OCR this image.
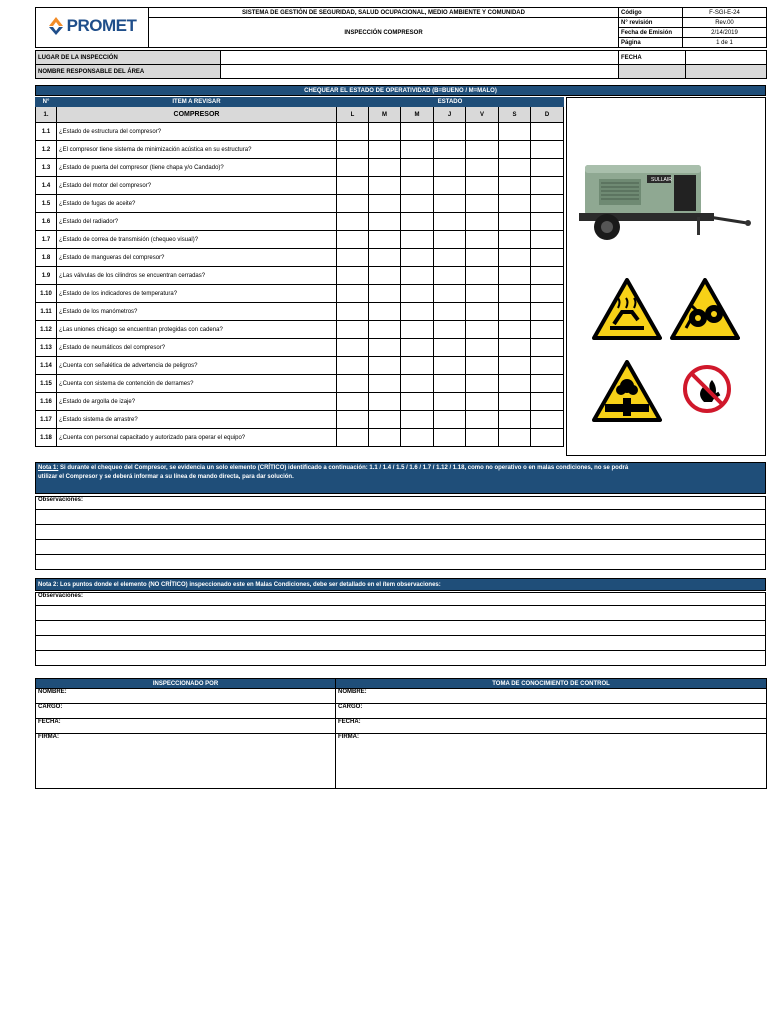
PROMET	SISTEMA DE GESTIÓN DE SEGURIDAD, SALUD OCUPACIONAL, MEDIO AMBIENTE Y COMUNIDAD	Código	F-SGI-E-24
	INSPECCIÓN COMPRESOR	N° revisión	Rev.00
		Fecha de Emisión	2/14/2019
		Página	1 de 1
LUGAR DE LA INSPECCIÓN		FECHA	
NOMBRE RESPONSABLE DEL ÁREA			
CHEQUEAR EL ESTADO DE OPERATIVIDAD (B=BUENO / M=MALO)
N°	ITEM A REVISAR	ESTADO						
1.	COMPRESOR	L	M	M	J	V	S	D
1.1	¿Estado de estructura del compresor?							
1.2	¿El compresor tiene sistema de minimización acústica en su estructura?							
1.3	¿Estado de puerta del compresor (tiene chapa y/o Candado)?							
1.4	¿Estado del motor del compresor?							
1.5	¿Estado de fugas de aceite?							
1.6	¿Estado del radiador?							
1.7	¿Estado de correa de transmisión (chequeo visual)?							
1.8	¿Estado de mangueras del compresor?							
1.9	¿Las válvulas de los cilindros se encuentran cerradas?							
1.10	¿Estado de los indicadores de temperatura?							
1.11	¿Estado de los manómetros?							
1.12	¿Las uniones chicago se encuentran protegidas con cadena?							
1.13	¿Estado de neumáticos del compresor?							
1.14	¿Cuenta con señalética de advertencia de peligros?							
1.15	¿Cuenta con sistema de contención de derrames?							
1.16	¿Estado de argolla de izaje?							
1.17	¿Estado sistema de arrastre?							
1.18	¿Cuenta con personal capacitado y autorizado para operar el equipo?							
SULLAIR
Nota 1: Si durante el chequeo del Compresor, se evidencia un solo elemento (CRÍTICO) identificado a continuación: 1.1 / 1.4 / 1.5 / 1.6 / 1.7 / 1.12 / 1.18, como no operativo o en malas condiciones, no se podrá
utilizar el Compresor y se deberá informar a su línea de mando directa, para dar solución.
Observaciones:

Nota 2: Los puntos donde el elemento (NO CRÍTICO) inspeccionado este en Malas Condiciones, debe ser detallado en el ítem observaciones:
Observaciones:

INSPECCIONADO POR	TOMA DE CONOCIMIENTO DE CONTROL
NOMBRE:	NOMBRE:
CARGO:	CARGO:
FECHA:	FECHA:
FIRMA:	FIRMA:
